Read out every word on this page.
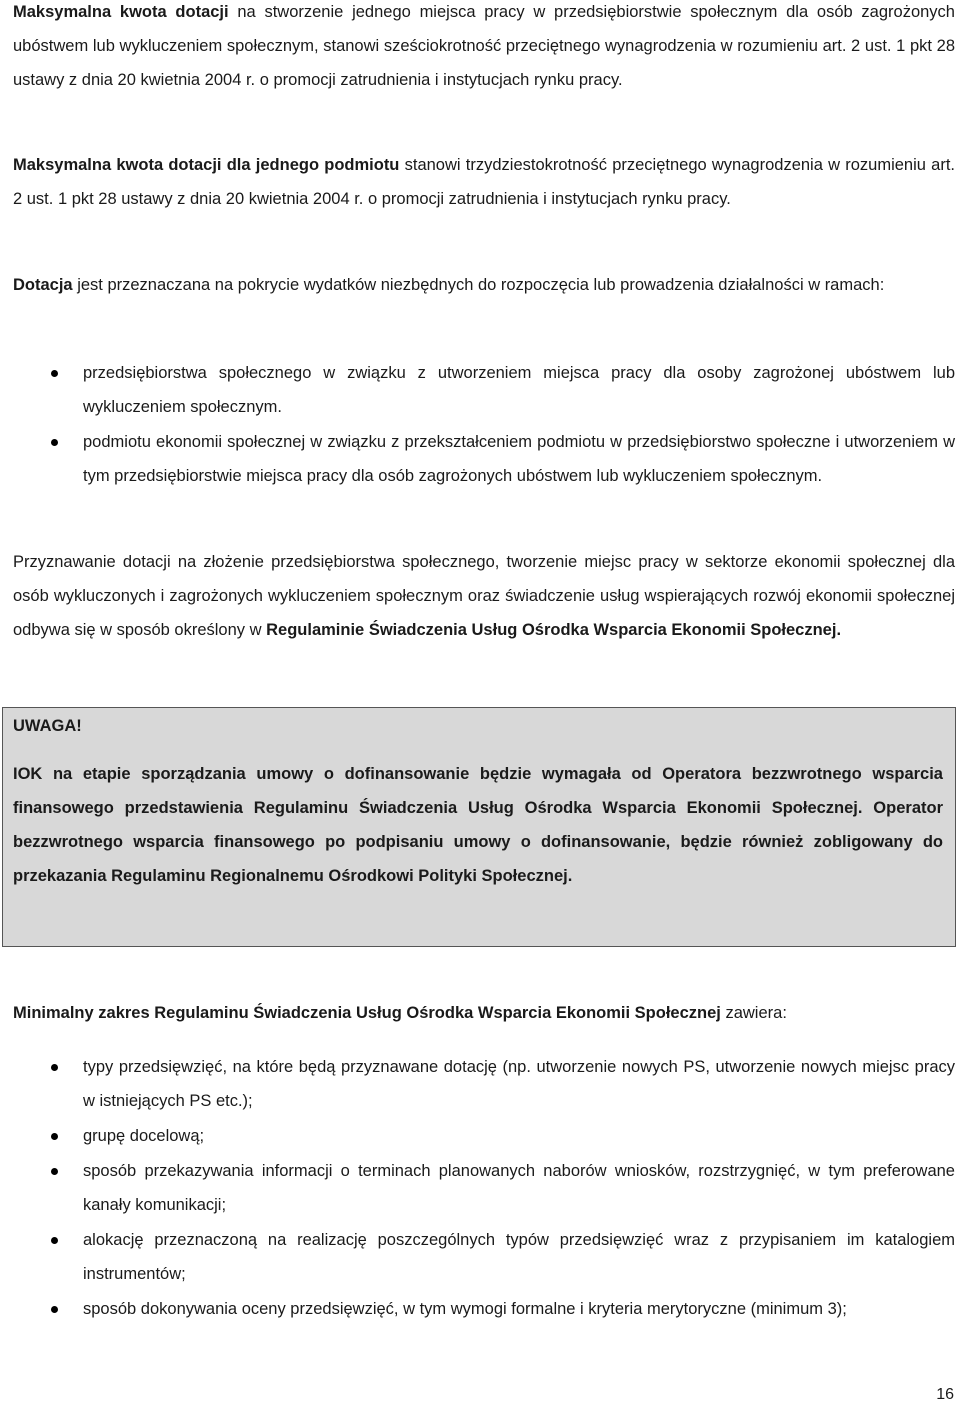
Maksymalna kwota dotacji na stworzenie jednego miejsca pracy w przedsiębiorstwie społecznym dla osób zagrożonych ubóstwem lub wykluczeniem społecznym, stanowi sześciokrotność przeciętnego wynagrodzenia w rozumieniu art. 2 ust. 1 pkt 28 ustawy z dnia 20 kwietnia 2004 r. o promocji zatrudnienia i instytucjach rynku pracy.

Maksymalna kwota dotacji dla jednego podmiotu stanowi trzydziestokrotność przeciętnego wynagrodzenia w rozumieniu art. 2 ust. 1 pkt 28 ustawy z dnia 20 kwietnia 2004 r. o promocji zatrudnienia i instytucjach rynku pracy.

Dotacja jest przeznaczana na pokrycie wydatków niezbędnych do rozpoczęcia lub prowadzenia działalności w ramach:

przedsiębiorstwa społecznego w związku z utworzeniem miejsca pracy dla osoby zagrożonej ubóstwem lub wykluczeniem społecznym.

podmiotu ekonomii społecznej w związku z przekształceniem podmiotu w przedsiębiorstwo społeczne i utworzeniem w tym przedsiębiorstwie miejsca pracy dla osób zagrożonych ubóstwem lub wykluczeniem społecznym.

Przyznawanie dotacji na złożenie przedsiębiorstwa społecznego, tworzenie miejsc pracy w sektorze ekonomii społecznej dla osób wykluczonych i zagrożonych wykluczeniem społecznym oraz świadczenie usług wspierających rozwój ekonomii społecznej odbywa się w sposób określony w Regulaminie Świadczenia Usług Ośrodka Wsparcia Ekonomii Społecznej.

Minimalny zakres Regulaminu Świadczenia Usług Ośrodka Wsparcia Ekonomii Społecznej zawiera:

typy przedsięwzięć, na które będą przyznawane dotację (np. utworzenie nowych PS, utworzenie nowych miejsc pracy w istniejących PS etc.);

grupę docelową;

sposób przekazywania informacji o terminach planowanych naborów wniosków, rozstrzygnięć, w tym preferowane kanały komunikacji;

alokację przeznaczoną na realizację poszczególnych typów przedsięwzięć wraz z przypisaniem im katalogiem instrumentów;

sposób dokonywania oceny przedsięwzięć, w tym wymogi formalne i kryteria merytoryczne (minimum 3);

UWAGA!

IOK na etapie sporządzania umowy o dofinansowanie będzie wymagała od Operatora bezzwrotnego wsparcia finansowego przedstawienia Regulaminu Świadczenia Usług Ośrodka Wsparcia Ekonomii Społecznej. Operator bezzwrotnego wsparcia finansowego po podpisaniu umowy o dofinansowanie, będzie również zobligowany do przekazania Regulaminu Regionalnemu Ośrodkowi Polityki Społecznej.

16
